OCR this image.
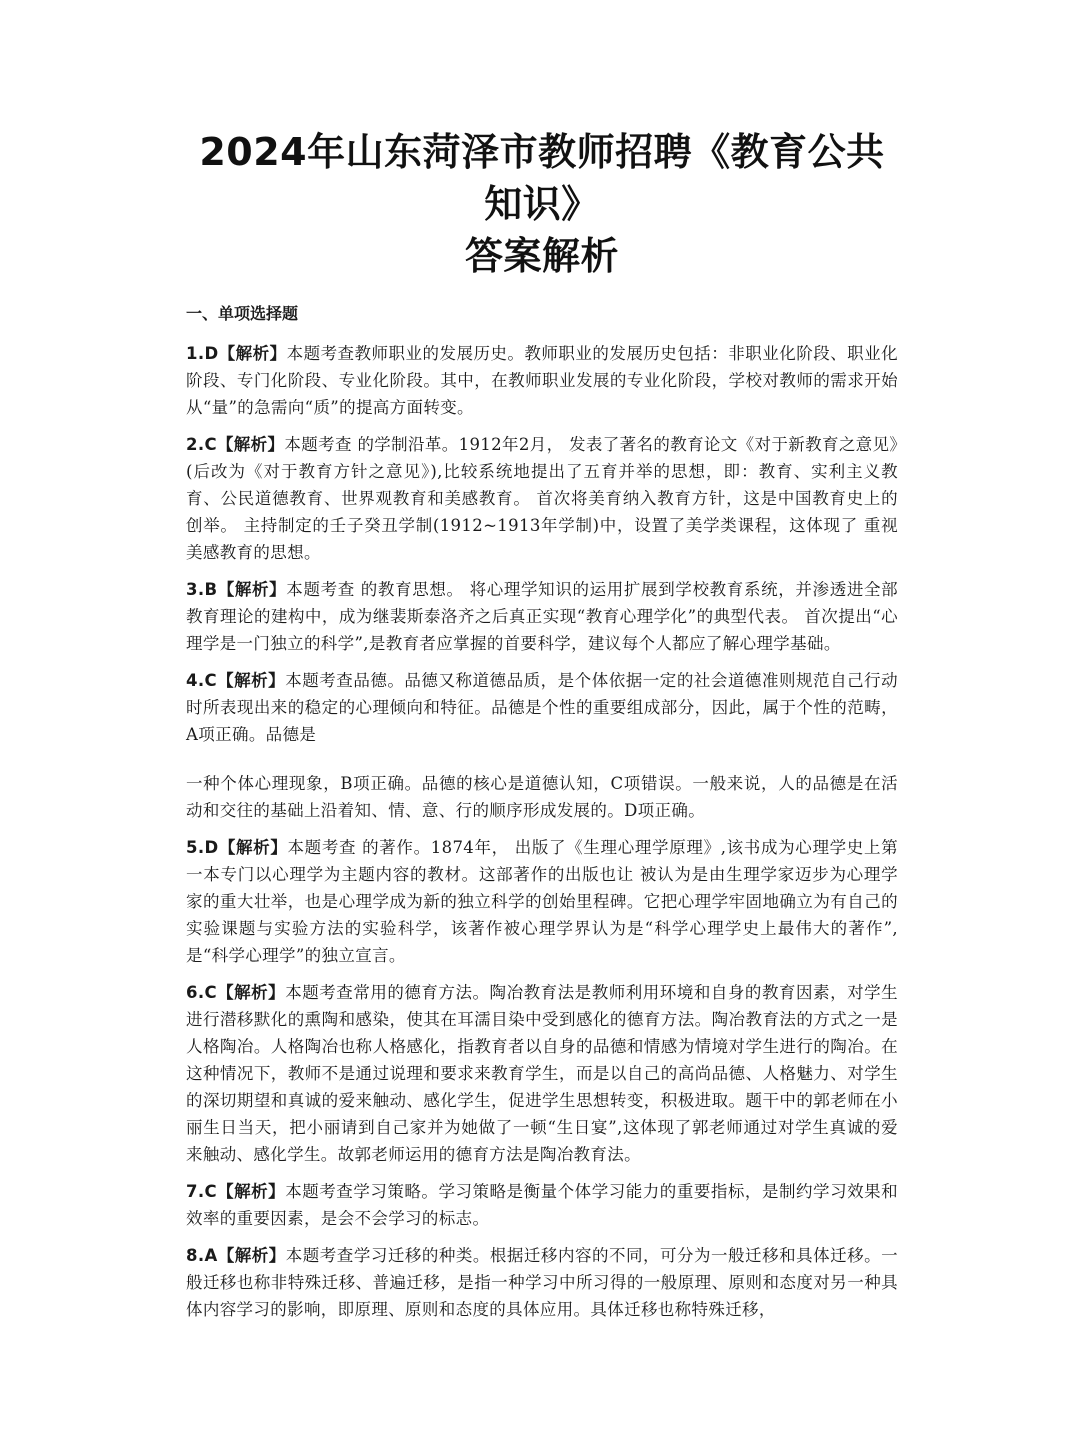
2024年山东菏泽市教师招聘《教育公共知识》
答案解析
一、单项选择题

1.D【解析】本题考查教师职业的发展历史。教师职业的发展历史包括：非职业化阶段、职业化阶段、专门化阶段、专业化阶段。其中，在教师职业发展的专业化阶段，学校对教师的需求开始从“量”的急需向“质”的提高方面转变。

2.C【解析】本题考查 的学制沿革。1912年2月， 发表了著名的教育论文《对于新教育之意见》(后改为《对于教育方针之意见》),比较系统地提出了五育并举的思想，即：教育、实利主义教育、公民道德教育、世界观教育和美感教育。 首次将美育纳入教育方针，这是中国教育史上的创举。 主持制定的壬子癸丑学制(1912~1913年学制)中，设置了美学类课程，这体现了 重视美感教育的思想。

3.B【解析】本题考查 的教育思想。 将心理学知识的运用扩展到学校教育系统，并渗透进全部教育理论的建构中，成为继裴斯泰洛齐之后真正实现“教育心理学化”的典型代表。 首次提出“心理学是一门独立的科学”,是教育者应掌握的首要科学，建议每个人都应了解心理学基础。

4.C【解析】本题考查品德。品德又称道德品质，是个体依据一定的社会道德准则规范自己行动时所表现出来的稳定的心理倾向和特征。品德是个性的重要组成部分，因此，属于个性的范畴，A项正确。品德是

一种个体心理现象，B项正确。品德的核心是道德认知，C项错误。一般来说，人的品德是在活动和交往的基础上沿着知、情、意、行的顺序形成发展的。D项正确。

5.D【解析】本题考查 的著作。1874年， 出版了《生理心理学原理》,该书成为心理学史上第一本专门以心理学为主题内容的教材。这部著作的出版也让 被认为是由生理学家迈步为心理学家的重大壮举，也是心理学成为新的独立科学的创始里程碑。它把心理学牢固地确立为有自己的实验课题与实验方法的实验科学，该著作被心理学界认为是“科学心理学史上最伟大的著作”,是“科学心理学”的独立宣言。

6.C【解析】本题考查常用的德育方法。陶冶教育法是教师利用环境和自身的教育因素，对学生进行潜移默化的熏陶和感染，使其在耳濡目染中受到感化的德育方法。陶冶教育法的方式之一是人格陶冶。人格陶冶也称人格感化，指教育者以自身的品德和情感为情境对学生进行的陶冶。在这种情况下，教师不是通过说理和要求来教育学生，而是以自己的高尚品德、人格魅力、对学生的深切期望和真诚的爱来触动、感化学生，促进学生思想转变，积极进取。题干中的郭老师在小丽生日当天，把小丽请到自己家并为她做了一顿“生日宴”,这体现了郭老师通过对学生真诚的爱来触动、感化学生。故郭老师运用的德育方法是陶冶教育法。

7.C【解析】本题考查学习策略。学习策略是衡量个体学习能力的重要指标，是制约学习效果和效率的重要因素，是会不会学习的标志。

8.A【解析】本题考查学习迁移的种类。根据迁移内容的不同，可分为一般迁移和具体迁移。一般迁移也称非特殊迁移、普遍迁移，是指一种学习中所习得的一般原理、原则和态度对另一种具体内容学习的影响，即原理、原则和态度的具体应用。具体迁移也称特殊迁移，
